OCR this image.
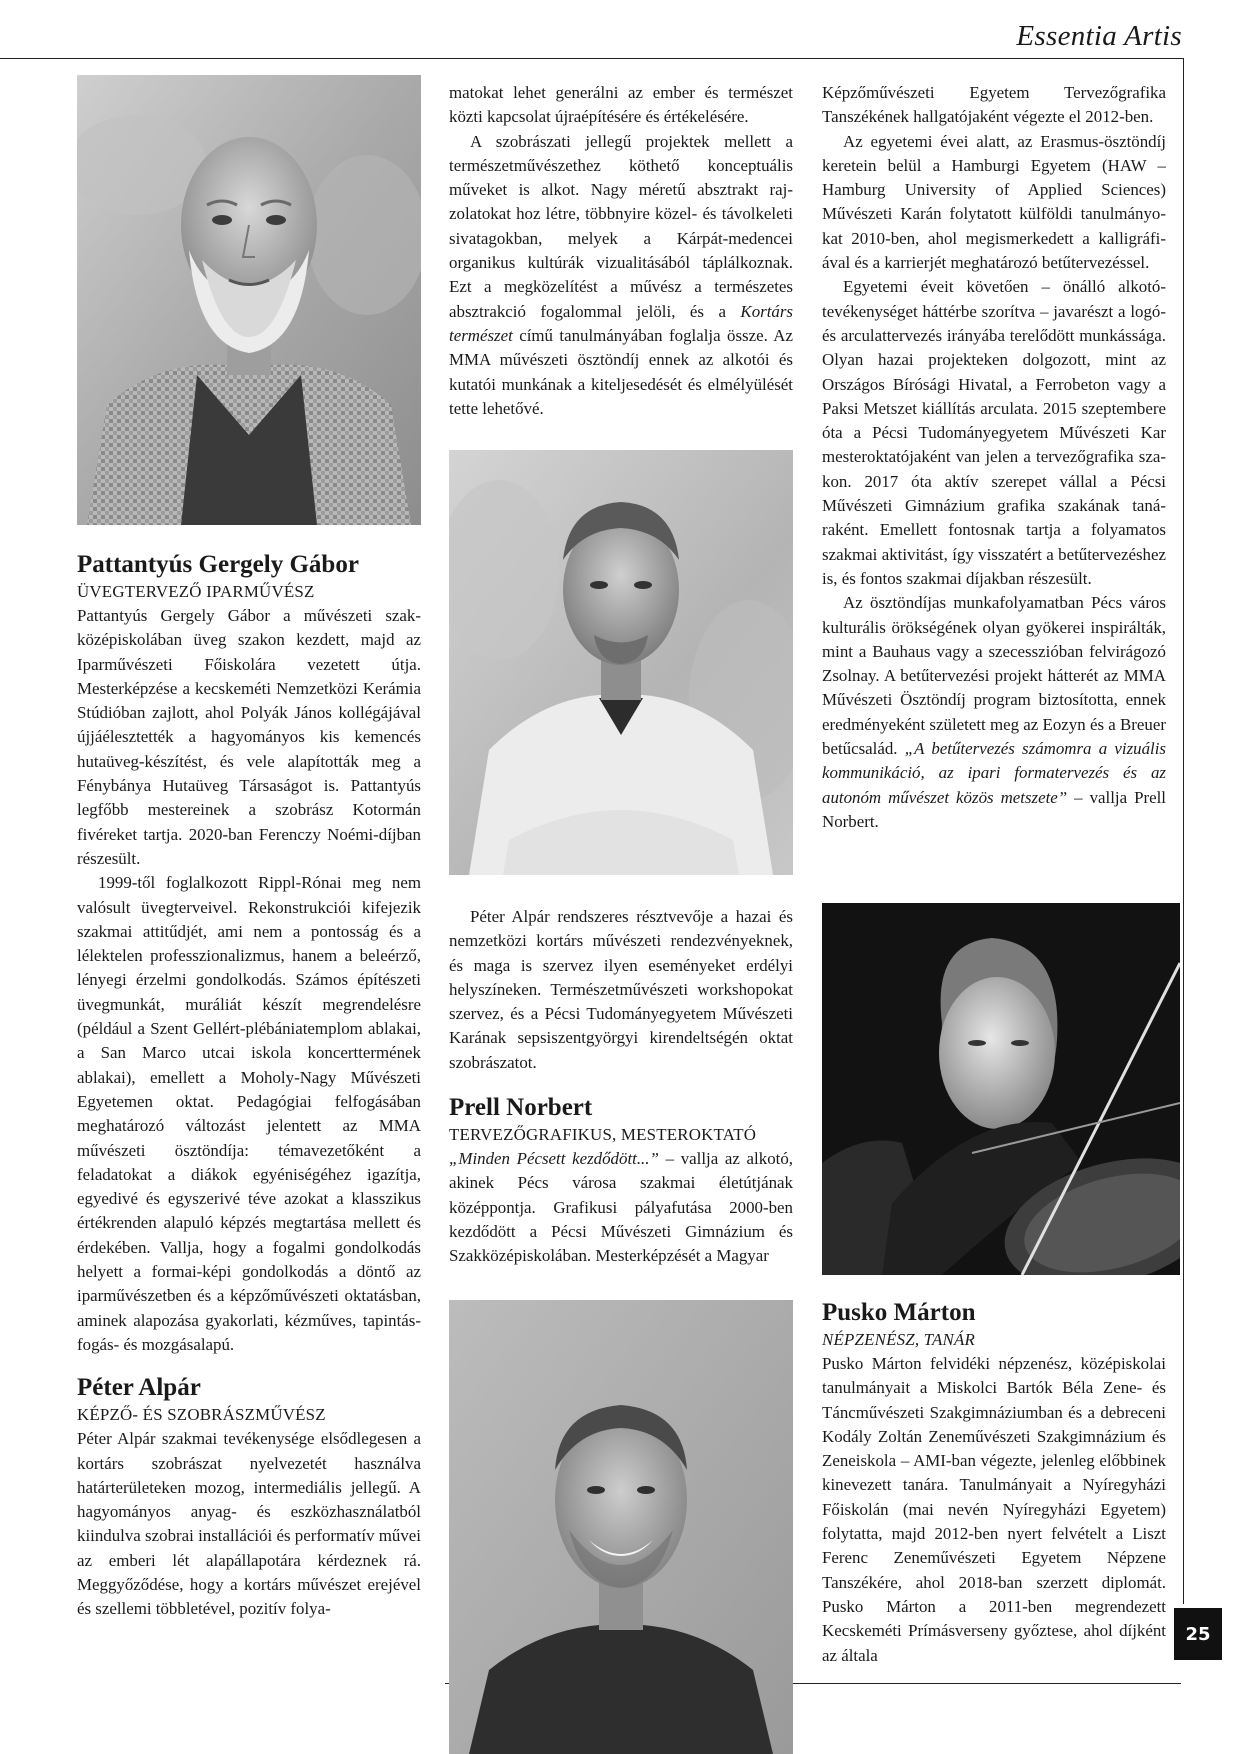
Essentia Artis
25
Pattantyús Gergely Gábor
ÜVEGTERVEZŐ IPARMŰVÉSZ

Pattantyús Gergely Gábor a művészeti szakközépiskolában üveg szakon kezdett, majd az Iparművészeti Főiskolára vezetett útja. Mesterképzése a kecskeméti Nemzetközi Kerámia Stúdióban zajlott, ahol Polyák János kollégájával újjáélesztették a hagyományos kis kemencés hutaüveg-készítést, és vele alapították meg a Fénybánya Hutaüveg Társaságot is. Pattantyús legfőbb mestereinek a szobrász Kotormán fivéreket tartja. 2020-ban Ferenczy Noémi-díjban részesült.

1999-től foglalkozott Rippl-Rónai meg nem valósult üvegterveivel. Rekonstrukciói kifejezik szakmai attitűdjét, ami nem a pontosság és a lélektelen professzionalizmus, hanem a beleérző, lényegi érzelmi gondolkodás. Számos építészeti üvegmunkát, muráliát készít megrendelésre (például a Szent Gellért-plébániatemplom ablakai, a San Marco utcai iskola koncerttermének ablakai), emellett a Moholy-Nagy Művészeti Egyetemen oktat. Pedagógiai felfogásában meghatározó változást jelentett az MMA művészeti ösztöndíja: témavezetőként a feladatokat a diákok egyéniségéhez igazítja, egyedivé és egyszerivé téve azokat a klasszikus értékrenden alapuló képzés megtartása mellett és érdekében. Vallja, hogy a fogalmi gondolkodás helyett a formai-képi gondolkodás a döntő az iparművészetben és a képzőművészeti oktatásban, aminek alapozása gyakorlati, kézműves, tapintás- fogás- és mozgásalapú.

Péter Alpár
KÉPZŐ- ÉS SZOBRÁSZMŰVÉSZ

Péter Alpár szakmai tevékenysége elsődlegesen a kortárs szobrászat nyelvezetét használva határterületeken mozog, intermediális jellegű. A hagyományos anyag- és eszközhasználatból kiindulva szobrai installációi és performatív művei az emberi lét alapállapotára kérdeznek rá. Meggyőződése, hogy a kortárs művészet erejével és szellemi többletével, pozitív folya-

matokat lehet generálni az ember és természet közti kapcsolat újraépítésére és értékelésére.

A szobrászati jellegű projektek mellett a természetművészethez köthető konceptuális műveket is alkot. Nagy méretű absztrakt rajzolatokat hoz létre, többnyire közel- és távolkeleti sivatagokban, melyek a Kárpát-medencei organikus kultúrák vizualitásából táplálkoznak. Ezt a megközelítést a művész a természetes absztrakció fogalommal jelöli, és a Kortárs természet című tanulmányában foglalja össze. Az MMA művészeti ösztöndíj ennek az alkotói és kutatói munkának a kiteljesedését és elmélyülését tette lehetővé.

Péter Alpár rendszeres résztvevője a hazai és nemzetközi kortárs művészeti rendezvényeknek, és maga is szervez ilyen eseményeket erdélyi helyszíneken. Természetművészeti workshopokat szervez, és a Pécsi Tudományegyetem Művészeti Karának sepsiszentgyörgyi kirendeltségén oktat szobrászatot.

Prell Norbert
TERVEZŐGRAFIKUS, MESTEROKTATÓ

„Minden Pécsett kezdődött...” – vallja az alkotó, akinek Pécs városa szakmai életútjának középpontja. Grafikusi pályafutása 2000-ben kezdődött a Pécsi Művészeti Gimnázium és Szakközépiskolában. Mesterképzését a Magyar

Képzőművészeti Egyetem Tervezőgrafika Tanszékének hallgatójaként végezte el 2012-ben.

Az egyetemi évei alatt, az Erasmus-ösztöndíj keretein belül a Hamburgi Egyetem (HAW – Hamburg University of Applied Sciences) Művészeti Karán folytatott külföldi tanulmányokat 2010-ben, ahol megismerkedett a kalligráfiával és a karrierjét meghatározó betűtervezéssel.

Egyetemi éveit követően – önálló alkotótevékenységet háttérbe szorítva – javarészt a logó- és arculattervezés irányába terelődött munkássága. Olyan hazai projekteken dolgozott, mint az Országos Bírósági Hivatal, a Ferrobeton vagy a Paksi Metszet kiállítás arculata. 2015 szeptembere óta a Pécsi Tudományegyetem Művészeti Kar mesteroktatójaként van jelen a tervezőgrafika szakon. 2017 óta aktív szerepet vállal a Pécsi Művészeti Gimnázium grafika szakának tanáraként. Emellett fontosnak tartja a folyamatos szakmai aktivitást, így visszatért a betűtervezéshez is, és fontos szakmai díjakban részesült.

Az ösztöndíjas munkafolyamatban Pécs város kulturális örökségének olyan gyökerei inspirálták, mint a Bauhaus vagy a szecesszióban felvirágozó Zsolnay. A betűtervezési projekt hátterét az MMA Művészeti Ösztöndíj program biztosította, ennek eredményeként született meg az Eozyn és a Breuer betűcsalád. „A betűtervezés számomra a vizuális kommunikáció, az ipari formatervezés és az autonóm művészet közös metszete” – vallja Prell Norbert.

Pusko Márton
NÉPZENÉSZ, TANÁR

Pusko Márton felvidéki népzenész, középiskolai tanulmányait a Miskolci Bartók Béla Zene- és Táncművészeti Szakgimnáziumban és a debreceni Kodály Zoltán Zeneművészeti Szakgimnázium és Zeneiskola – AMI-ban végezte, jelenleg előbbinek kinevezett tanára. Tanulmányait a Nyíregyházi Főiskolán (mai nevén Nyíregyházi Egyetem) folytatta, majd 2012-ben nyert felvételt a Liszt Ferenc Zeneművészeti Egyetem Népzene Tanszékére, ahol 2018-ban szerzett diplomát. Pusko Márton a 2011-ben megrendezett Kecskeméti Prímásverseny győztese, ahol díjként az általa
